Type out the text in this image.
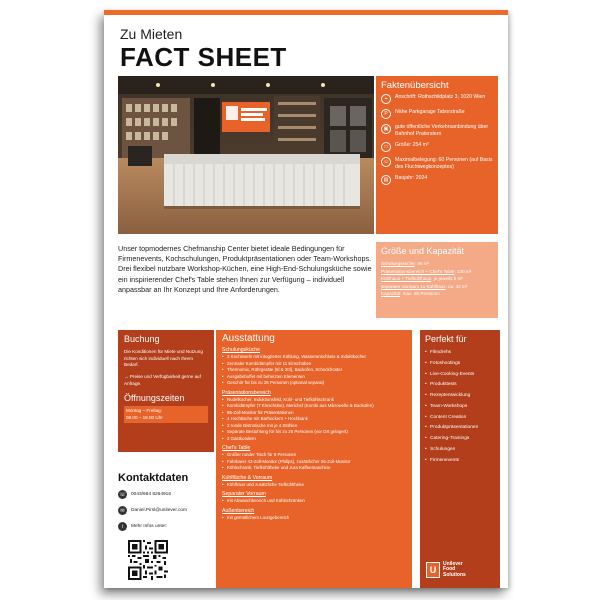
Zu Mieten
FACT SHEET
Faktenübersicht
⌖	Anschrift: Rothschildplatz 3, 1020 Wien
P	Nähe Parkgarage Taborstraße
▣	gute öffentliche Verkehrsanbindung über Bahnhof Praterstern
□	Größe: 254 m²
☺	Maximalbelegung: 60 Personen (auf Basis des Fluchtwegkonzeptes)
▤	Baujahr: 2024
Unser topmodernes Chefmanship Center bietet ideale Bedingungen für Firmenevents, Kochschulungen, Produktpräsentationen oder Team-Workshops. Drei flexibel nutzbare Workshop-Küchen, eine High-End-Schulungsküche sowie ein inspirierender Chef's Table stehen Ihnen zur Verfügung – individuell anpassbar an Ihr Konzept und Ihre Anforderungen.
Größe und Kapazität
Schulungsküche: 46 m²
Präsentationsbereich + Chef's Table: 130 m²
Kühlhaus + Tiefkühlhaus: je jeweils 8 m²
separater Vorraum zu Kühlhaus: ca. 42 m²
Kapazität: max. 60 Personen
Buchung
Die Konditionen für Miete und Nutzung richten sich individuell nach Ihrem Bedarf.
→ Preise und Verfügbarkeit gerne auf Anfrage.
Öffnungszeiten
Montag – Freitag:
08.00 – 18.00 Uhr
Ausstattung
Schulungsküche
• 3 Kochinseln mit integrierter Kühlung, Wasseranschluss & Induktkocher
• Zentraler Kombidämpfer mit 11 Einschüben
• Thermomix, Rührgeräte (5l & 20l), Backofen, Schockfroster
• Ausgabebuffet mit beheizten Elementen
• Geschirr für bis zu 25 Personen (optional separat)
Präsentationsbereich
• Nudelkocher, Induktionsfeld, Kühl- und Tiefkühlschrank
• Kombidämpfer (7 Einschübe), Merichef (Kombi aus Mikrowelle & Backofen)
• 86-Zoll-Monitor für Präsentationen
• 4 Hochtische mit Barhockern + Hochbank
• 2 runde Bistrotische mit je 4 Stühlen
• Separate Bestuhlung für bis zu 25 Personen (vor Ort gelagert)
• 2 Gastkondern
Chef's Table
• Großer runder Tisch für 8 Personen
• Fahrbarer 43-Zoll-Monitor (Philips), zusätzlicher 55-Zoll-Monitor
• Kühlschrank, Tiefkühltheke und Jura Kaffeemaschine
Kühlfläche & Vorraum
• Kühlhaus und zusätzliche Tiefkühltheke
Separater Vorraum
• mit Abwaschbereich und Kühlschränken
Außenbereich
• mit gemütlichem Loungebereich
Perfekt für
• Filmdrehs
• Fotoshootings
• Live-Cooking-Events
• Produkttests
• Rezeptentwicklung
• Team-Workshops
• Content Creation
• Produktpräsentationen
• Catering-Trainings
• Schulungen
• Firmenevents
U
Unilever
Food
Solutions
Kontaktdaten
☏ 0043/664 8264916
✉	Daniel.Pirsl@unilever.com
i	Mehr Infos unter:
